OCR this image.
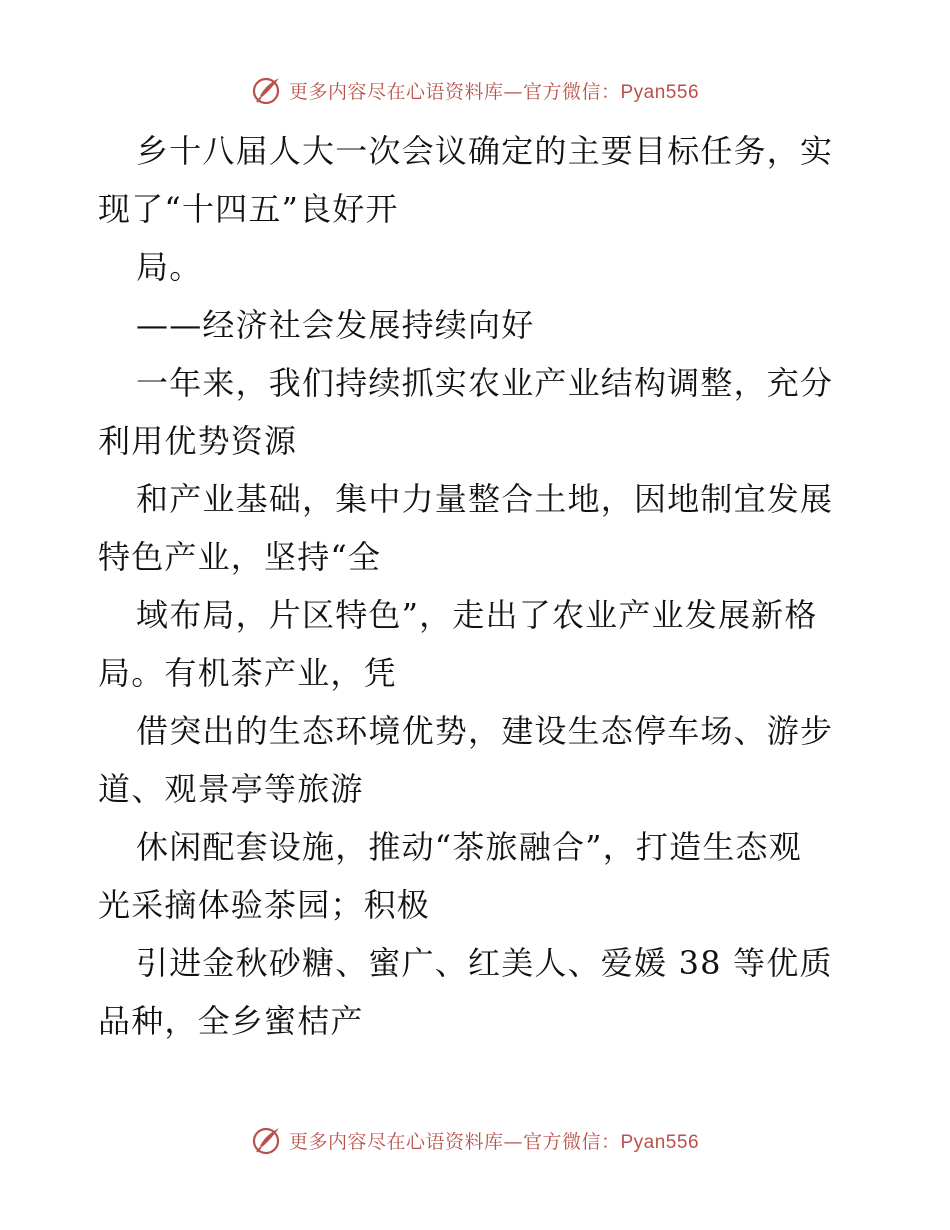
更多内容尽在心语资料库—官方微信：Pyan556
乡十八届人大一次会议确定的主要目标任务，实
现了“十四五”良好开
局。
——经济社会发展持续向好
一年来，我们持续抓实农业产业结构调整，充分
利用优势资源
和产业基础，集中力量整合土地，因地制宜发展
特色产业，坚持“全
域布局，片区特色”，走出了农业产业发展新格
局。有机茶产业，凭
借突出的生态环境优势，建设生态停车场、游步
道、观景亭等旅游
休闲配套设施，推动“茶旅融合”，打造生态观
光采摘体验茶园；积极
引进金秋砂糖、蜜广、红美人、爱媛 38 等优质
品种，全乡蜜桔产
更多内容尽在心语资料库—官方微信：Pyan556
